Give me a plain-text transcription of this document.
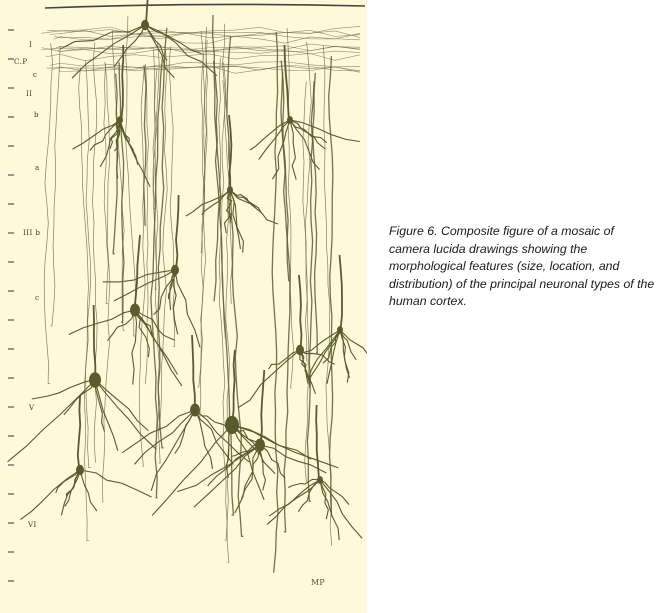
I
C.P
c
II
b
a
III b
c
V
VI
MP
Figure 6. Composite figure of a mosaic of camera lucida drawings showing the morphological features (size, location, and distribution) of the principal neuronal types of the human cortex.
